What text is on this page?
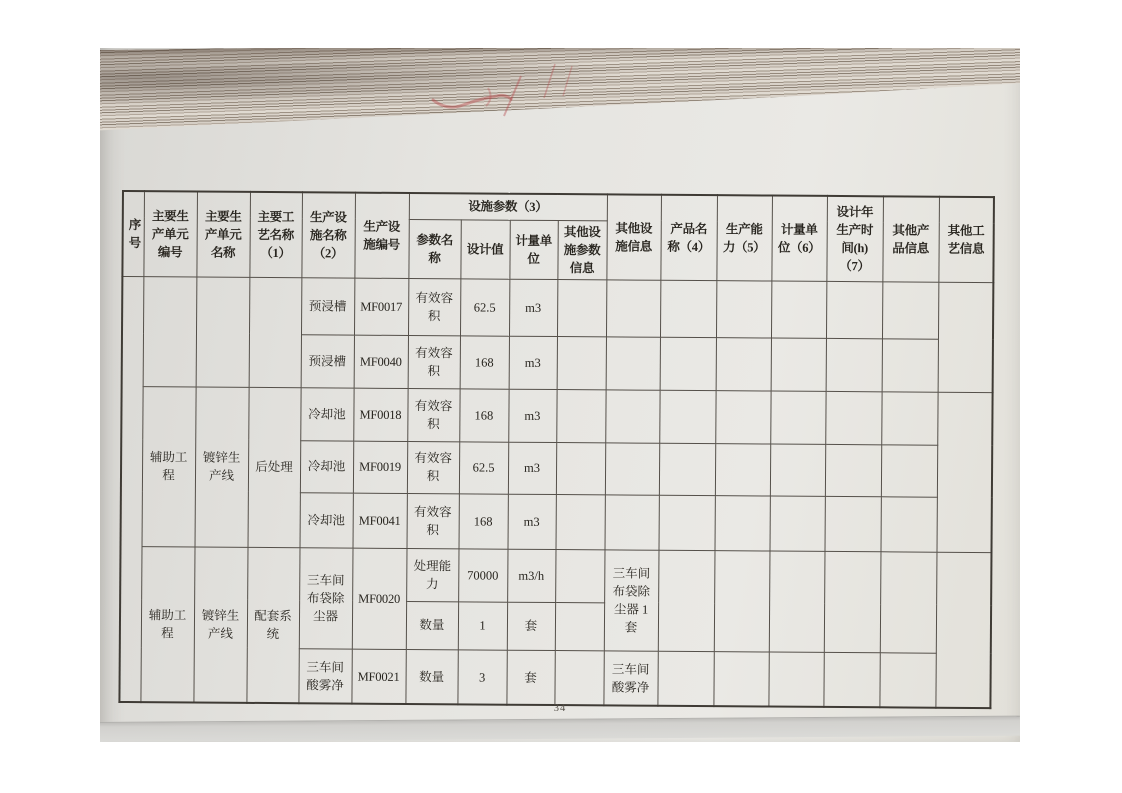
序号	主要生产单元编号	主要生产单元名称	主要工艺名称（1）	生产设施名称（2）	生产设施编号	设施参数（3）				其他设施信息	产品名称（4）	生产能力（5）	计量单位（6）	设计年生产时间(h)（7）	其他产品信息	其他工艺信息
						参数名称	设计值	计量单位	其他设施参数信息							
				预浸槽	MF0017	有效容积	62.5	m3								
				预浸槽	MF0040	有效容积	168	m3								
	辅助工程	镀锌生产线	后处理	冷却池	MF0018	有效容积	168	m3								
				冷却池	MF0019	有效容积	62.5	m3								
				冷却池	MF0041	有效容积	168	m3								
	辅助工程	镀锌生产线	配套系统	三车间布袋除尘器	MF0020	处理能力	70000	m3/h		三车间布袋除尘器 1 套						
						数量	1	套								
				三车间酸雾净	MF0021	数量	3	套		三车间酸雾净						
34
